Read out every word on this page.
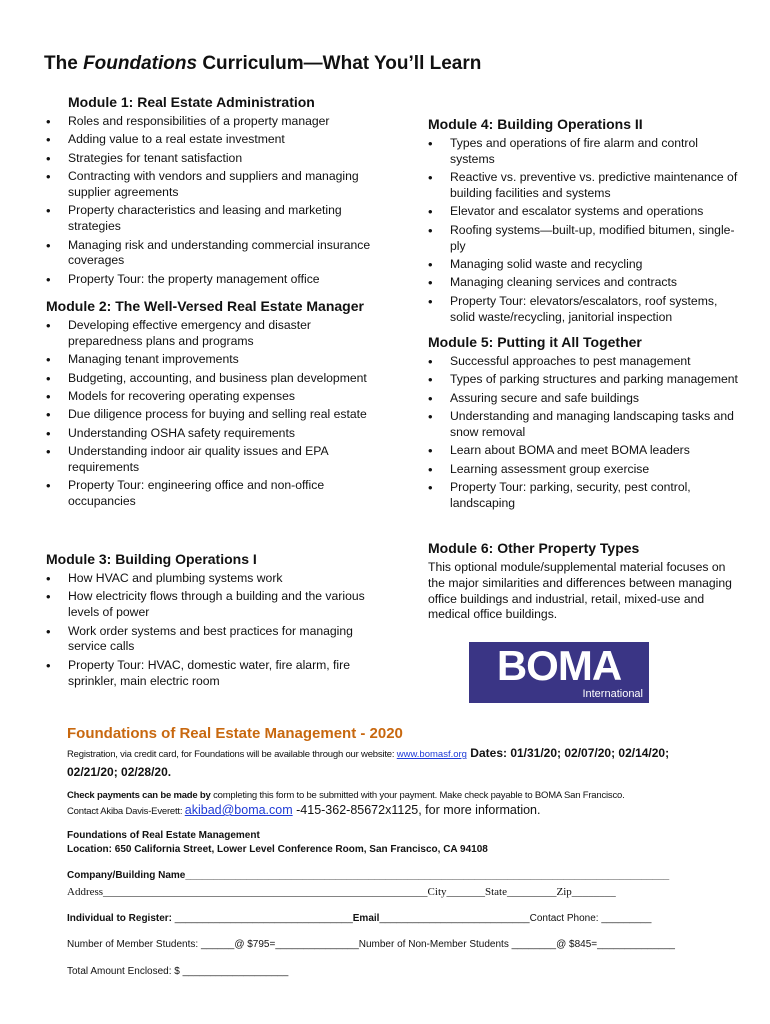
The Foundations Curriculum—What You’ll Learn
Module 1: Real Estate Administration
• Roles and responsibilities of a property manager
• Adding value to a real estate investment
• Strategies for tenant satisfaction
• Contracting with vendors and suppliers and managing supplier agreements
• Property characteristics and leasing and marketing strategies
• Managing risk and understanding commercial insurance coverages
• Property Tour: the property management office
Module 2: The Well-Versed Real Estate Manager
• Developing effective emergency and disaster preparedness plans and programs
• Managing tenant improvements
• Budgeting, accounting, and business plan development
• Models for recovering operating expenses
• Due diligence process for buying and selling real estate
• Understanding OSHA safety requirements
• Understanding indoor air quality issues and EPA requirements
• Property Tour: engineering office and non-office occupancies
Module 3: Building Operations I
• How HVAC and plumbing systems work
• How electricity flows through a building and the various levels of power
• Work order systems and best practices for managing service calls
• Property Tour: HVAC, domestic water, fire alarm, fire sprinkler, main electric room
Module 4: Building Operations II
• Types and operations of fire alarm and control systems
• Reactive vs. preventive vs. predictive maintenance of building facilities and systems
• Elevator and escalator systems and operations
• Roofing systems—built-up, modified bitumen, single-ply
• Managing solid waste and recycling
• Managing cleaning services and contracts
• Property Tour: elevators/escalators, roof systems, solid waste/recycling, janitorial inspection
Module 5: Putting it All Together
• Successful approaches to pest management
• Types of parking structures and parking management
• Assuring secure and safe buildings
• Understanding and managing landscaping tasks and snow removal
• Learn about BOMA and meet BOMA leaders
• Learning assessment group exercise
• Property Tour: parking, security, pest control, landscaping
Module 6: Other Property Types

This optional module/supplemental material focuses on the major similarities and differences between managing office buildings and industrial, retail, mixed-use and medical office buildings.

BOMA
International
Foundations of Real Estate Management - 2020
Registration, via credit card, for Foundations will be available through our website: www.bomasf.org Dates: 01/31/20; 02/07/20; 02/14/20;
02/21/20; 02/28/20.
Check payments can be made by completing this form to be submitted with your payment. Make check payable to BOMA San Francisco.
Contact Akiba Davis-Everett: akibad@boma.com -415-362-85672x1125, for more information.
Foundations of Real Estate Management
Location: 650 California Street, Lower Level Conference Room, San Francisco, CA 94108
Company/Building Name_______________________________________________________________________________________
Address___________________________________________________________City_______State_________Zip________
Individual to Register: ________________________________Email___________________________Contact Phone: _________
Number of Member Students: ______@ $795=_______________Number of Non-Member Students ________@ $845=______________
Total Amount Enclosed: $ ___________________
